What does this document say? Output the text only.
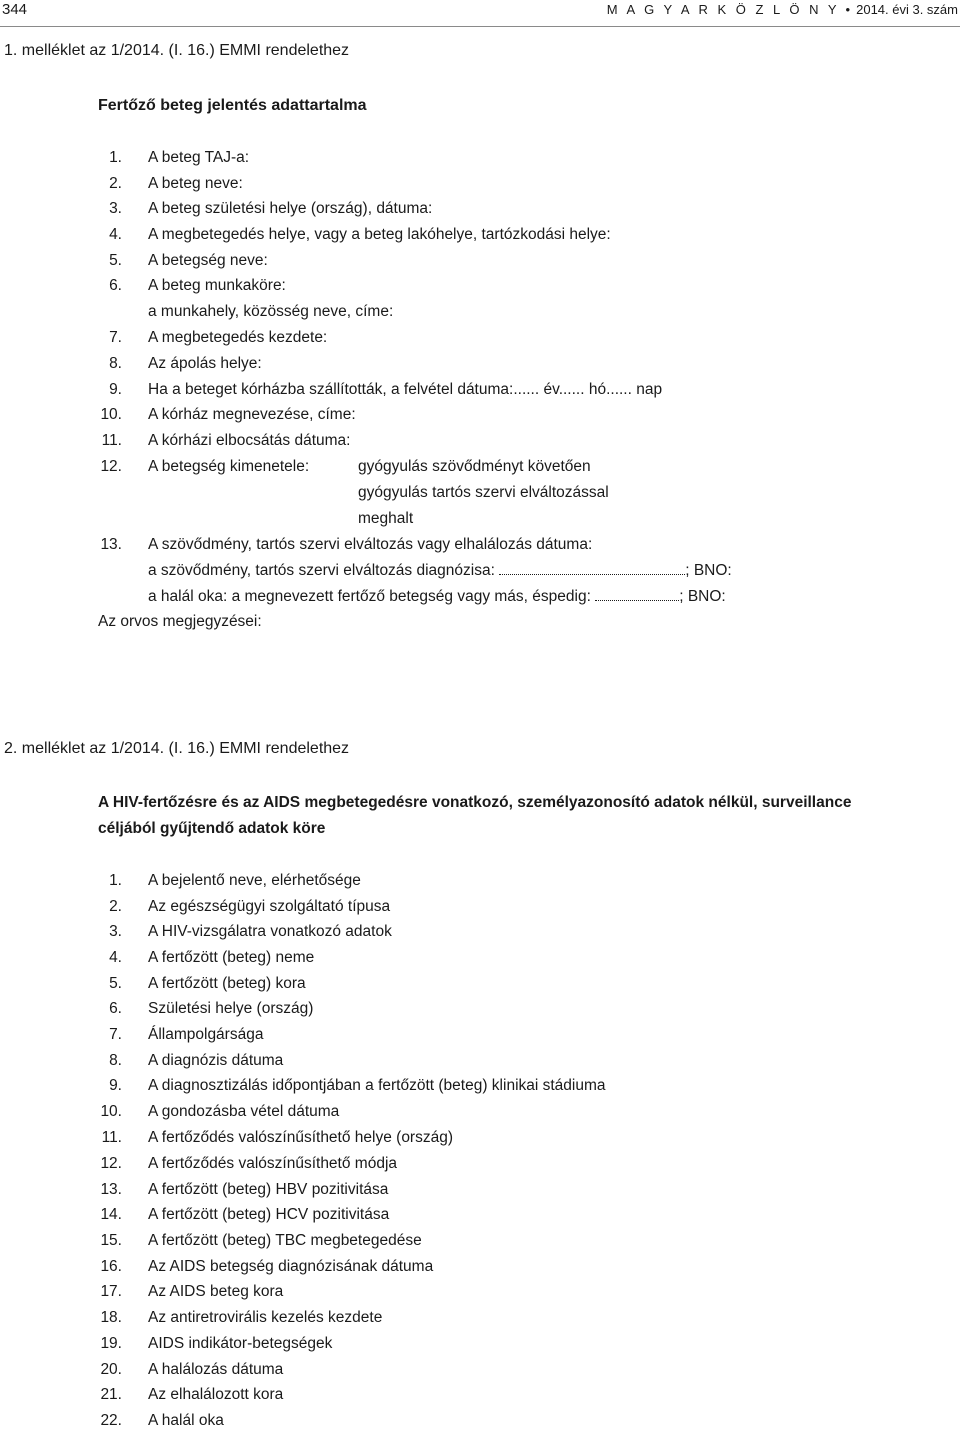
344	M A G Y A R K Ö Z L Ö N Y • 2014. évi 3. szám
1. melléklet az 1/2014. (I. 16.) EMMI rendelethez
Fertőző beteg jelentés adattartalma
1. A beteg TAJ-a:
2. A beteg neve:
3. A beteg születési helye (ország), dátuma:
4. A megbetegedés helye, vagy a beteg lakóhelye, tartózkodási helye:
5. A betegség neve:
6. A beteg munkaköre:
a munkahely, közösség neve, címe:
7. A megbetegedés kezdete:
8. Az ápolás helye:
9. Ha a beteget kórházba szállították, a felvétel dátuma:...... év...... hó...... nap
10. A kórház megnevezése, címe:
11. A kórházi elbocsátás dátuma:
12. A betegség kimenetele:	gyógyulás szövődményt követően
gyógyulás tartós szervi elváltozással
meghalt
13. A szövődmény, tartós szervi elváltozás vagy elhalálozás dátuma:
a szövődmény, tartós szervi elváltozás diagnózisa:	; BNO:
a halál oka: a megnevezett fertőző betegség vagy más, éspedig:	; BNO:
Az orvos megjegyzései:
2. melléklet az 1/2014. (I. 16.) EMMI rendelethez
A HIV-fertőzésre és az AIDS megbetegedésre vonatkozó, személyazonosító adatok nélkül, surveillance
céljából gyűjtendő adatok köre
1. A bejelentő neve, elérhetősége
2. Az egészségügyi szolgáltató típusa
3. A HIV-vizsgálatra vonatkozó adatok
4. A fertőzött (beteg) neme
5. A fertőzött (beteg) kora
6. Születési helye (ország)
7. Állampolgársága
8. A diagnózis dátuma
9. A diagnosztizálás időpontjában a fertőzött (beteg) klinikai stádiuma
10. A gondozásba vétel dátuma
11. A fertőződés valószínűsíthető helye (ország)
12. A fertőződés valószínűsíthető módja
13. A fertőzött (beteg) HBV pozitivitása
14. A fertőzött (beteg) HCV pozitivitása
15. A fertőzött (beteg) TBC megbetegedése
16. Az AIDS betegség diagnózisának dátuma
17. Az AIDS beteg kora
18. Az antiretrovirális kezelés kezdete
19. AIDS indikátor-betegségek
20. A halálozás dátuma
21. Az elhalálozott kora
22. A halál oka
